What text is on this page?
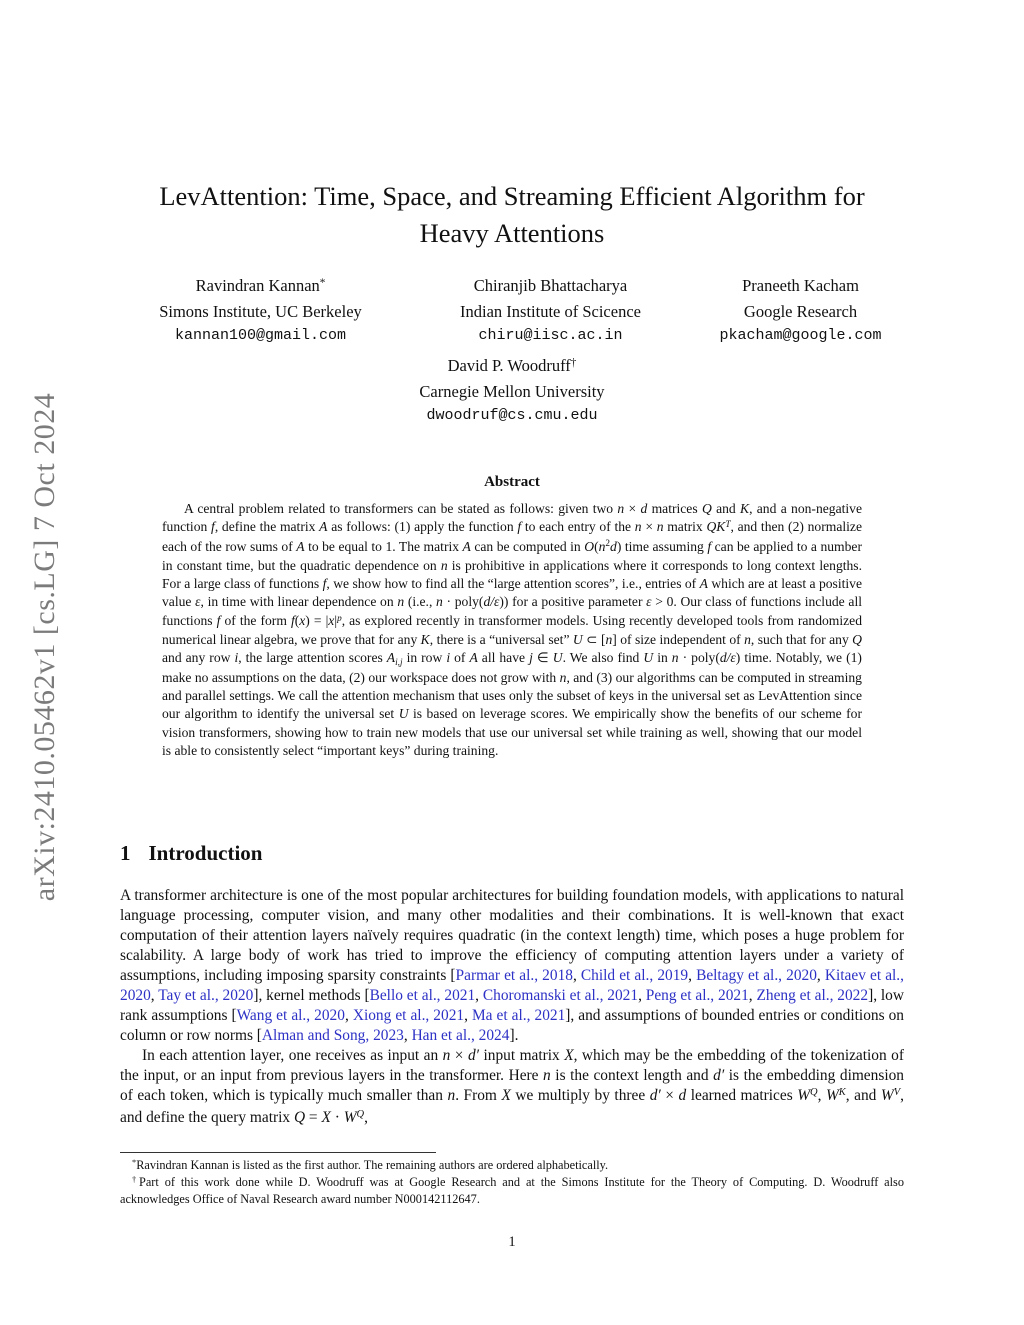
arXiv:2410.05462v1 [cs.LG] 7 Oct 2024
LevAttention: Time, Space, and Streaming Efficient Algorithm for
Heavy Attentions
Ravindran Kannan*
Simons Institute, UC Berkeley
kannan100@gmail.com
Chiranjib Bhattacharya
Indian Institute of Scicence
chiru@iisc.ac.in
Praneeth Kacham
Google Research
pkacham@google.com
David P. Woodruff†
Carnegie Mellon University
dwoodruf@cs.cmu.edu
Abstract
A central problem related to transformers can be stated as follows: given two n × d matrices Q and K, and a non-negative function f, define the matrix A as follows: (1) apply the function f to each entry of the n × n matrix $QK^T$, and then (2) normalize each of the row sums of A to be equal to 1. The matrix A can be computed in $O(n^2d)$ time assuming f can be applied to a number in constant time, but the quadratic dependence on n is prohibitive in applications where it corresponds to long context lengths. For a large class of functions f, we show how to find all the “large attention scores”, i.e., entries of A which are at least a positive value ε, in time with linear dependence on n (i.e., n · poly(d/ε)) for a positive parameter ε > 0. Our class of functions include all functions f of the form $f(x) = |x|^p$, as explored recently in transformer models. Using recently developed tools from randomized numerical linear algebra, we prove that for any K, there is a “universal set” U ⊂ [n] of size independent of n, such that for any Q and any row i, the large attention scores Ai,j in row i of A all have j ∈ U. We also find U in n · poly(d/ε) time. Notably, we (1) make no assumptions on the data, (2) our workspace does not grow with n, and (3) our algorithms can be computed in streaming and parallel settings. We call the attention mechanism that uses only the subset of keys in the universal set as LevAttention since our algorithm to identify the universal set U is based on leverage scores. We empirically show the benefits of our scheme for vision transformers, showing how to train new models that use our universal set while training as well, showing that our model is able to consistently select “important keys” during training.
1 Introduction

A transformer architecture is one of the most popular architectures for building foundation models, with applications to natural language processing, computer vision, and many other modalities and their combinations. It is well-known that exact computation of their attention layers naïvely requires quadratic (in the context length) time, which poses a huge problem for scalability. A large body of work has tried to improve the efficiency of computing attention layers under a variety of assumptions, including imposing sparsity constraints [Parmar et al., 2018, Child et al., 2019, Beltagy et al., 2020, Kitaev et al., 2020, Tay et al., 2020], kernel methods [Bello et al., 2021, Choromanski et al., 2021, Peng et al., 2021, Zheng et al., 2022], low rank assumptions [Wang et al., 2020, Xiong et al., 2021, Ma et al., 2021], and assumptions of bounded entries or conditions on column or row norms [Alman and Song, 2023, Han et al., 2024].

In each attention layer, one receives as input an n × d′ input matrix X, which may be the embedding of the tokenization of the input, or an input from previous layers in the transformer. Here n is the context length and d′ is the embedding dimension of each token, which is typically much smaller than n. From X we multiply by three d′ × d learned matrices $W^Q$, $W^K$, and $W^V$, and define the query matrix $Q = X \cdot W^Q$,

*Ravindran Kannan is listed as the first author. The remaining authors are ordered alphabetically.

†Part of this work done while D. Woodruff was at Google Research and at the Simons Institute for the Theory of Computing. D. Woodruff also acknowledges Office of Naval Research award number N000142112647.

1
